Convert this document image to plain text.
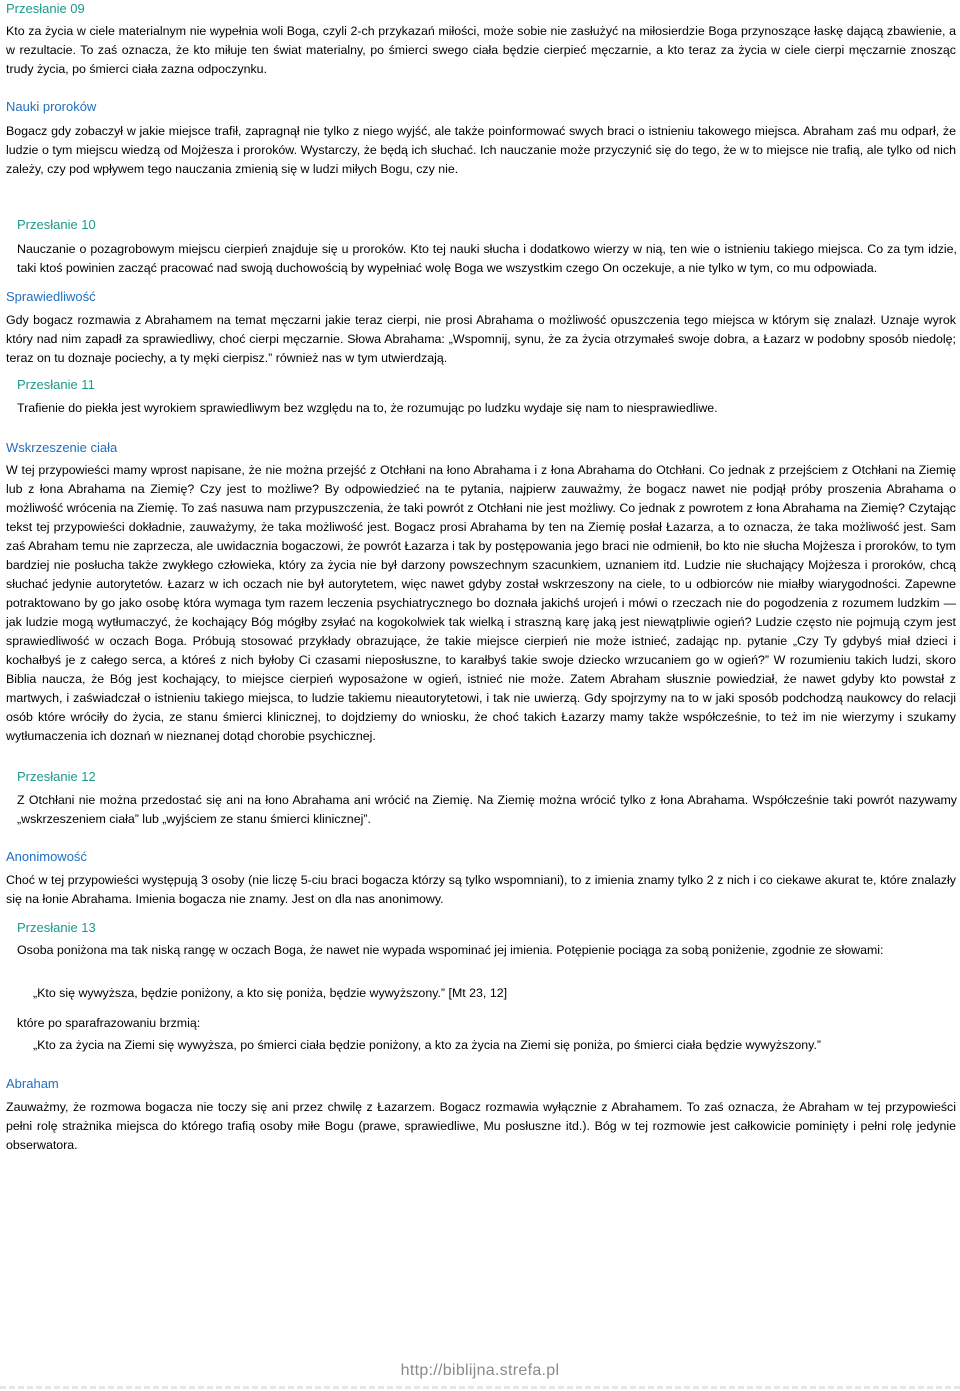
Przesłanie 09

Kto za życia w ciele materialnym nie wypełnia woli Boga, czyli 2-ch przykazań miłości, może sobie nie zasłużyć na miłosierdzie Boga przynoszące łaskę dającą zbawienie, a w rezultacie. To zaś oznacza, że kto miłuje ten świat materialny, po śmierci swego ciała będzie cierpieć męczarnie, a kto teraz za życia w ciele cierpi męczarnie znosząc trudy życia, po śmierci ciała zazna odpoczynku.

Nauki proroków

Bogacz gdy zobaczył w jakie miejsce trafił, zapragnął nie tylko z niego wyjść, ale także poinformować swych braci o istnieniu takowego miejsca. Abraham zaś mu odparł, że ludzie o tym miejscu wiedzą od Mojżesza i proroków. Wystarczy, że będą ich słuchać. Ich nauczanie może przyczynić się do tego, że w to miejsce nie trafią, ale tylko od nich zależy, czy pod wpływem tego nauczania zmienią się w ludzi miłych Bogu, czy nie.

Przesłanie 10

Nauczanie o pozagrobowym miejscu cierpień znajduje się u proroków. Kto tej nauki słucha i dodatkowo wierzy w nią, ten wie o istnieniu takiego miejsca. Co za tym idzie, taki ktoś powinien zacząć pracować nad swoją duchowością by wypełniać wolę Boga we wszystkim czego On oczekuje, a nie tylko w tym, co mu odpowiada.

Sprawiedliwość

Gdy bogacz rozmawia z Abrahamem na temat męczarni jakie teraz cierpi, nie prosi Abrahama o możliwość opuszczenia tego miejsca w którym się znalazł. Uznaje wyrok który nad nim zapadł za sprawiedliwy, choć cierpi męczarnie. Słowa Abrahama: „Wspomnij, synu, że za życia otrzymałeś swoje dobra, a Łazarz w podobny sposób niedolę; teraz on tu doznaje pociechy, a ty męki cierpisz.” również nas w tym utwierdzają.

Przesłanie 11

Trafienie do piekła jest wyrokiem sprawiedliwym bez względu na to, że rozumując po ludzku wydaje się nam to niesprawiedliwe.

Wskrzeszenie ciała

W tej przypowieści mamy wprost napisane, że nie można przejść z Otchłani na łono Abrahama i z łona Abrahama do Otchłani. Co jednak z przejściem z Otchłani na Ziemię lub z łona Abrahama na Ziemię? Czy jest to możliwe? By odpowiedzieć na te pytania, najpierw zauważmy, że bogacz nawet nie podjął próby proszenia Abrahama o możliwość wrócenia na Ziemię. To zaś nasuwa nam przypuszczenia, że taki powrót z Otchłani nie jest możliwy. Co jednak z powrotem z łona Abrahama na Ziemię? Czytając tekst tej przypowieści dokładnie, zauważymy, że taka możliwość jest. Bogacz prosi Abrahama by ten na Ziemię posłał Łazarza, a to oznacza, że taka możliwość jest. Sam zaś Abraham temu nie zaprzecza, ale uwidacznia bogaczowi, że powrót Łazarza i tak by postępowania jego braci nie odmienił, bo kto nie słucha Mojżesza i proroków, to tym bardziej nie posłucha także zwykłego człowieka, który za życia nie był darzony powszechnym szacunkiem, uznaniem itd. Ludzie nie słuchający Mojżesza i proroków, chcą słuchać jedynie autorytetów. Łazarz w ich oczach nie był autorytetem, więc nawet gdyby został wskrzeszony na ciele, to u odbiorców nie miałby wiarygodności. Zapewne potraktowano by go jako osobę która wymaga tym razem leczenia psychiatrycznego bo doznała jakichś urojeń i mówi o rzeczach nie do pogodzenia z rozumem ludzkim — jak ludzie mogą wytłumaczyć, że kochający Bóg mógłby zsyłać na kogokolwiek tak wielką i straszną karę jaką jest niewątpliwie ogień? Ludzie często nie pojmują czym jest sprawiedliwość w oczach Boga. Próbują stosować przykłady obrazujące, że takie miejsce cierpień nie może istnieć, zadając np. pytanie „Czy Ty gdybyś miał dzieci i kochałbyś je z całego serca, a któreś z nich byłoby Ci czasami nieposłuszne, to karałbyś takie swoje dziecko wrzucaniem go w ogień?” W rozumieniu takich ludzi, skoro Biblia naucza, że Bóg jest kochający, to miejsce cierpień wyposażone w ogień, istnieć nie może. Zatem Abraham słusznie powiedział, że nawet gdyby kto powstał z martwych, i zaświadczał o istnieniu takiego miejsca, to ludzie takiemu nieautorytetowi, i tak nie uwierzą. Gdy spojrzymy na to w jaki sposób podchodzą naukowcy do relacji osób które wróciły do życia, ze stanu śmierci klinicznej, to dojdziemy do wniosku, że choć takich Łazarzy mamy także współcześnie, to też im nie wierzymy i szukamy wytłumaczenia ich doznań w nieznanej dotąd chorobie psychicznej.

Przesłanie 12

Z Otchłani nie można przedostać się ani na łono Abrahama ani wrócić na Ziemię. Na Ziemię można wrócić tylko z łona Abrahama. Współcześnie taki powrót nazywamy „wskrzeszeniem ciała” lub „wyjściem ze stanu śmierci klinicznej”.

Anonimowość

Choć w tej przypowieści występują 3 osoby (nie liczę 5-ciu braci bogacza którzy są tylko wspomniani), to z imienia znamy tylko 2 z nich i co ciekawe akurat te, które znalazły się na łonie Abrahama. Imienia bogacza nie znamy. Jest on dla nas anonimowy.

Przesłanie 13

Osoba poniżona ma tak niską rangę w oczach Boga, że nawet nie wypada wspominać jej imienia. Potępienie pociąga za sobą poniżenie, zgodnie ze słowami:

„Kto się wywyższa, będzie poniżony, a kto się poniża, będzie wywyższony.” [Mt 23, 12]

które po sparafrazowaniu brzmią:

„Kto za życia na Ziemi się wywyższa, po śmierci ciała będzie poniżony, a kto za życia na Ziemi się poniża, po śmierci ciała będzie wywyższony.”

Abraham

Zauważmy, że rozmowa bogacza nie toczy się ani przez chwilę z Łazarzem. Bogacz rozmawia wyłącznie z Abrahamem. To zaś oznacza, że Abraham w tej przypowieści pełni rolę strażnika miejsca do którego trafią osoby miłe Bogu (prawe, sprawiedliwe, Mu posłuszne itd.). Bóg w tej rozmowie jest całkowicie pominięty i pełni rolę jedynie obserwatora.

http://biblijna.strefa.pl
